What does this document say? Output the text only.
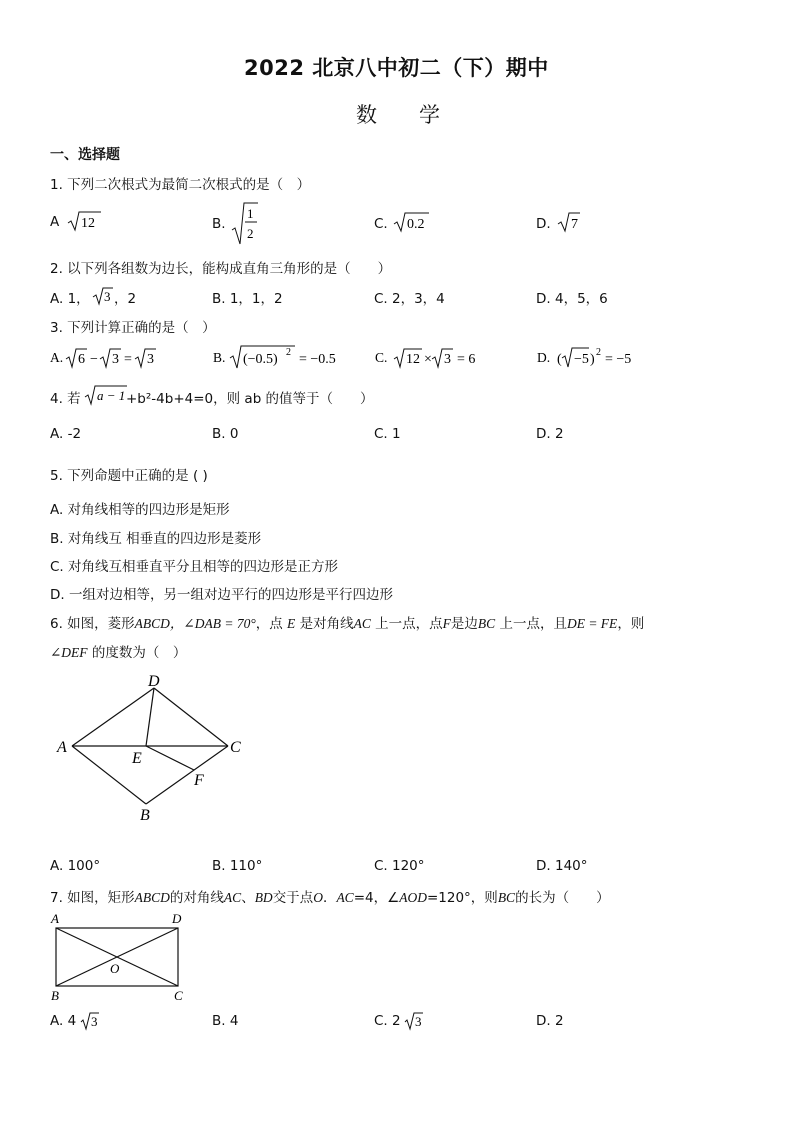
2022 北京八中初二（下）期中
数　　学
一、选择题
1. 下列二次根式为最简二次根式的是（　）
A 12	B.
1
2
C. 0.2	D. 7
2. 以下列各组数为边长，能构成直角三角形的是（　　）
A. 1， 3 ，2	B. 1，1，2	C. 2，3，4	D. 4，5，6
3. 下列计算正确的是（　）
A. 6 − 3 = 3	B. (−0.5) 2 = −0.5	C. 12 × 3 = 6	D. ( −5 ) 2 = −5
4. 若 a − 1 +b²-4b+4=0，则 ab 的值等于（　　）
A. -2	B. 0	C. 1	D. 2
5. 下列命题中正确的是 ( )
A. 对角线相等的四边形是矩形
B. 对角线互 相垂直的四边形是菱形
C. 对角线互相垂直平分且相等的四边形是正方形
D. 一组对边相等，另一组对边平行的四边形是平行四边形
6. 如图，菱形ABCD，∠DAB = 70°，点 E 是对角线AC 上一点，点F是边BC 上一点，且DE = FE，则
∠DEF 的度数为（　）
A
D
C
E
F
B
A. 100°	B. 110°	C. 120°	D. 140°
7. 如图，矩形ABCD的对角线AC、BD交于点O．AC=4，∠AOD=120°，则BC的长为（　　）
A	D
O
B	C
A. 4 3	B. 4	C. 2 3	D. 2
